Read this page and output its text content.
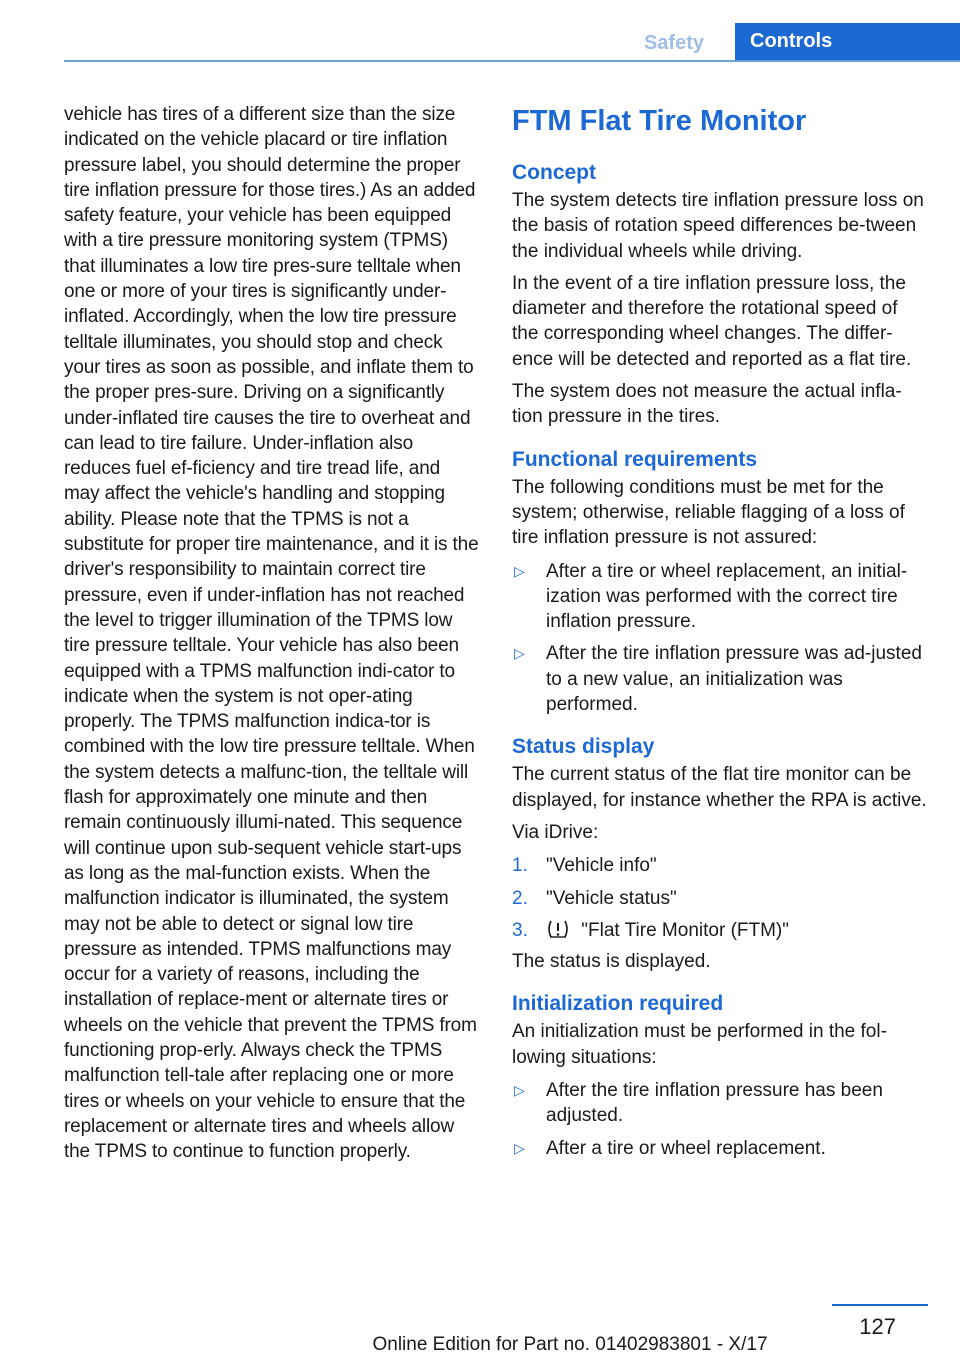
Safety	Controls

vehicle has tires of a different size than the size indicated on the vehicle placard or tire inflation pressure label, you should determine the proper tire inflation pressure for those tires.) As an added safety feature, your vehicle has been equipped with a tire pressure monitoring system (TPMS) that illuminates a low tire pres‐sure telltale when one or more of your tires is significantly under-inflated. Accordingly, when the low tire pressure telltale illuminates, you should stop and check your tires as soon as possible, and inflate them to the proper pres‐sure. Driving on a significantly under-inflated tire causes the tire to overheat and can lead to tire failure. Under-inflation also reduces fuel ef‐ficiency and tire tread life, and may affect the vehicle's handling and stopping ability. Please note that the TPMS is not a substitute for proper tire maintenance, and it is the driver's responsibility to maintain correct tire pressure, even if under-inflation has not reached the level to trigger illumination of the TPMS low tire pressure telltale. Your vehicle has also been equipped with a TPMS malfunction indi‐cator to indicate when the system is not oper‐ating properly. The TPMS malfunction indica‐tor is combined with the low tire pressure telltale. When the system detects a malfunc‐tion, the telltale will flash for approximately one minute and then remain continuously illumi‐nated. This sequence will continue upon sub‐sequent vehicle start-ups as long as the mal‐function exists. When the malfunction indicator is illuminated, the system may not be able to detect or signal low tire pressure as intended. TPMS malfunctions may occur for a variety of reasons, including the installation of replace‐ment or alternate tires or wheels on the vehicle that prevent the TPMS from functioning prop‐erly. Always check the TPMS malfunction tell‐tale after replacing one or more tires or wheels on your vehicle to ensure that the replacement or alternate tires and wheels allow the TPMS to continue to function properly.

FTM Flat Tire Monitor
Concept

The system detects tire inflation pressure loss on the basis of rotation speed differences be‐tween the individual wheels while driving.

In the event of a tire inflation pressure loss, the diameter and therefore the rotational speed of the corresponding wheel changes. The differ‐ence will be detected and reported as a flat tire.

The system does not measure the actual infla‐tion pressure in the tires.

Functional requirements

The following conditions must be met for the system; otherwise, reliable flagging of a loss of tire inflation pressure is not assured:

▷ After a tire or wheel replacement, an initial‐ization was performed with the correct tire inflation pressure.
▷ After the tire inflation pressure was ad‐justed to a new value, an initialization was performed.
Status display

The current status of the flat tire monitor can be displayed, for instance whether the RPA is active.

Via iDrive:

1. "Vehicle info"
2. "Vehicle status"
3.	"Flat Tire Monitor (FTM)"

The status is displayed.

Initialization required

An initialization must be performed in the fol‐lowing situations:

▷ After the tire inflation pressure has been adjusted.
▷ After a tire or wheel replacement.
127
Online Edition for Part no. 01402983801 - X/17
